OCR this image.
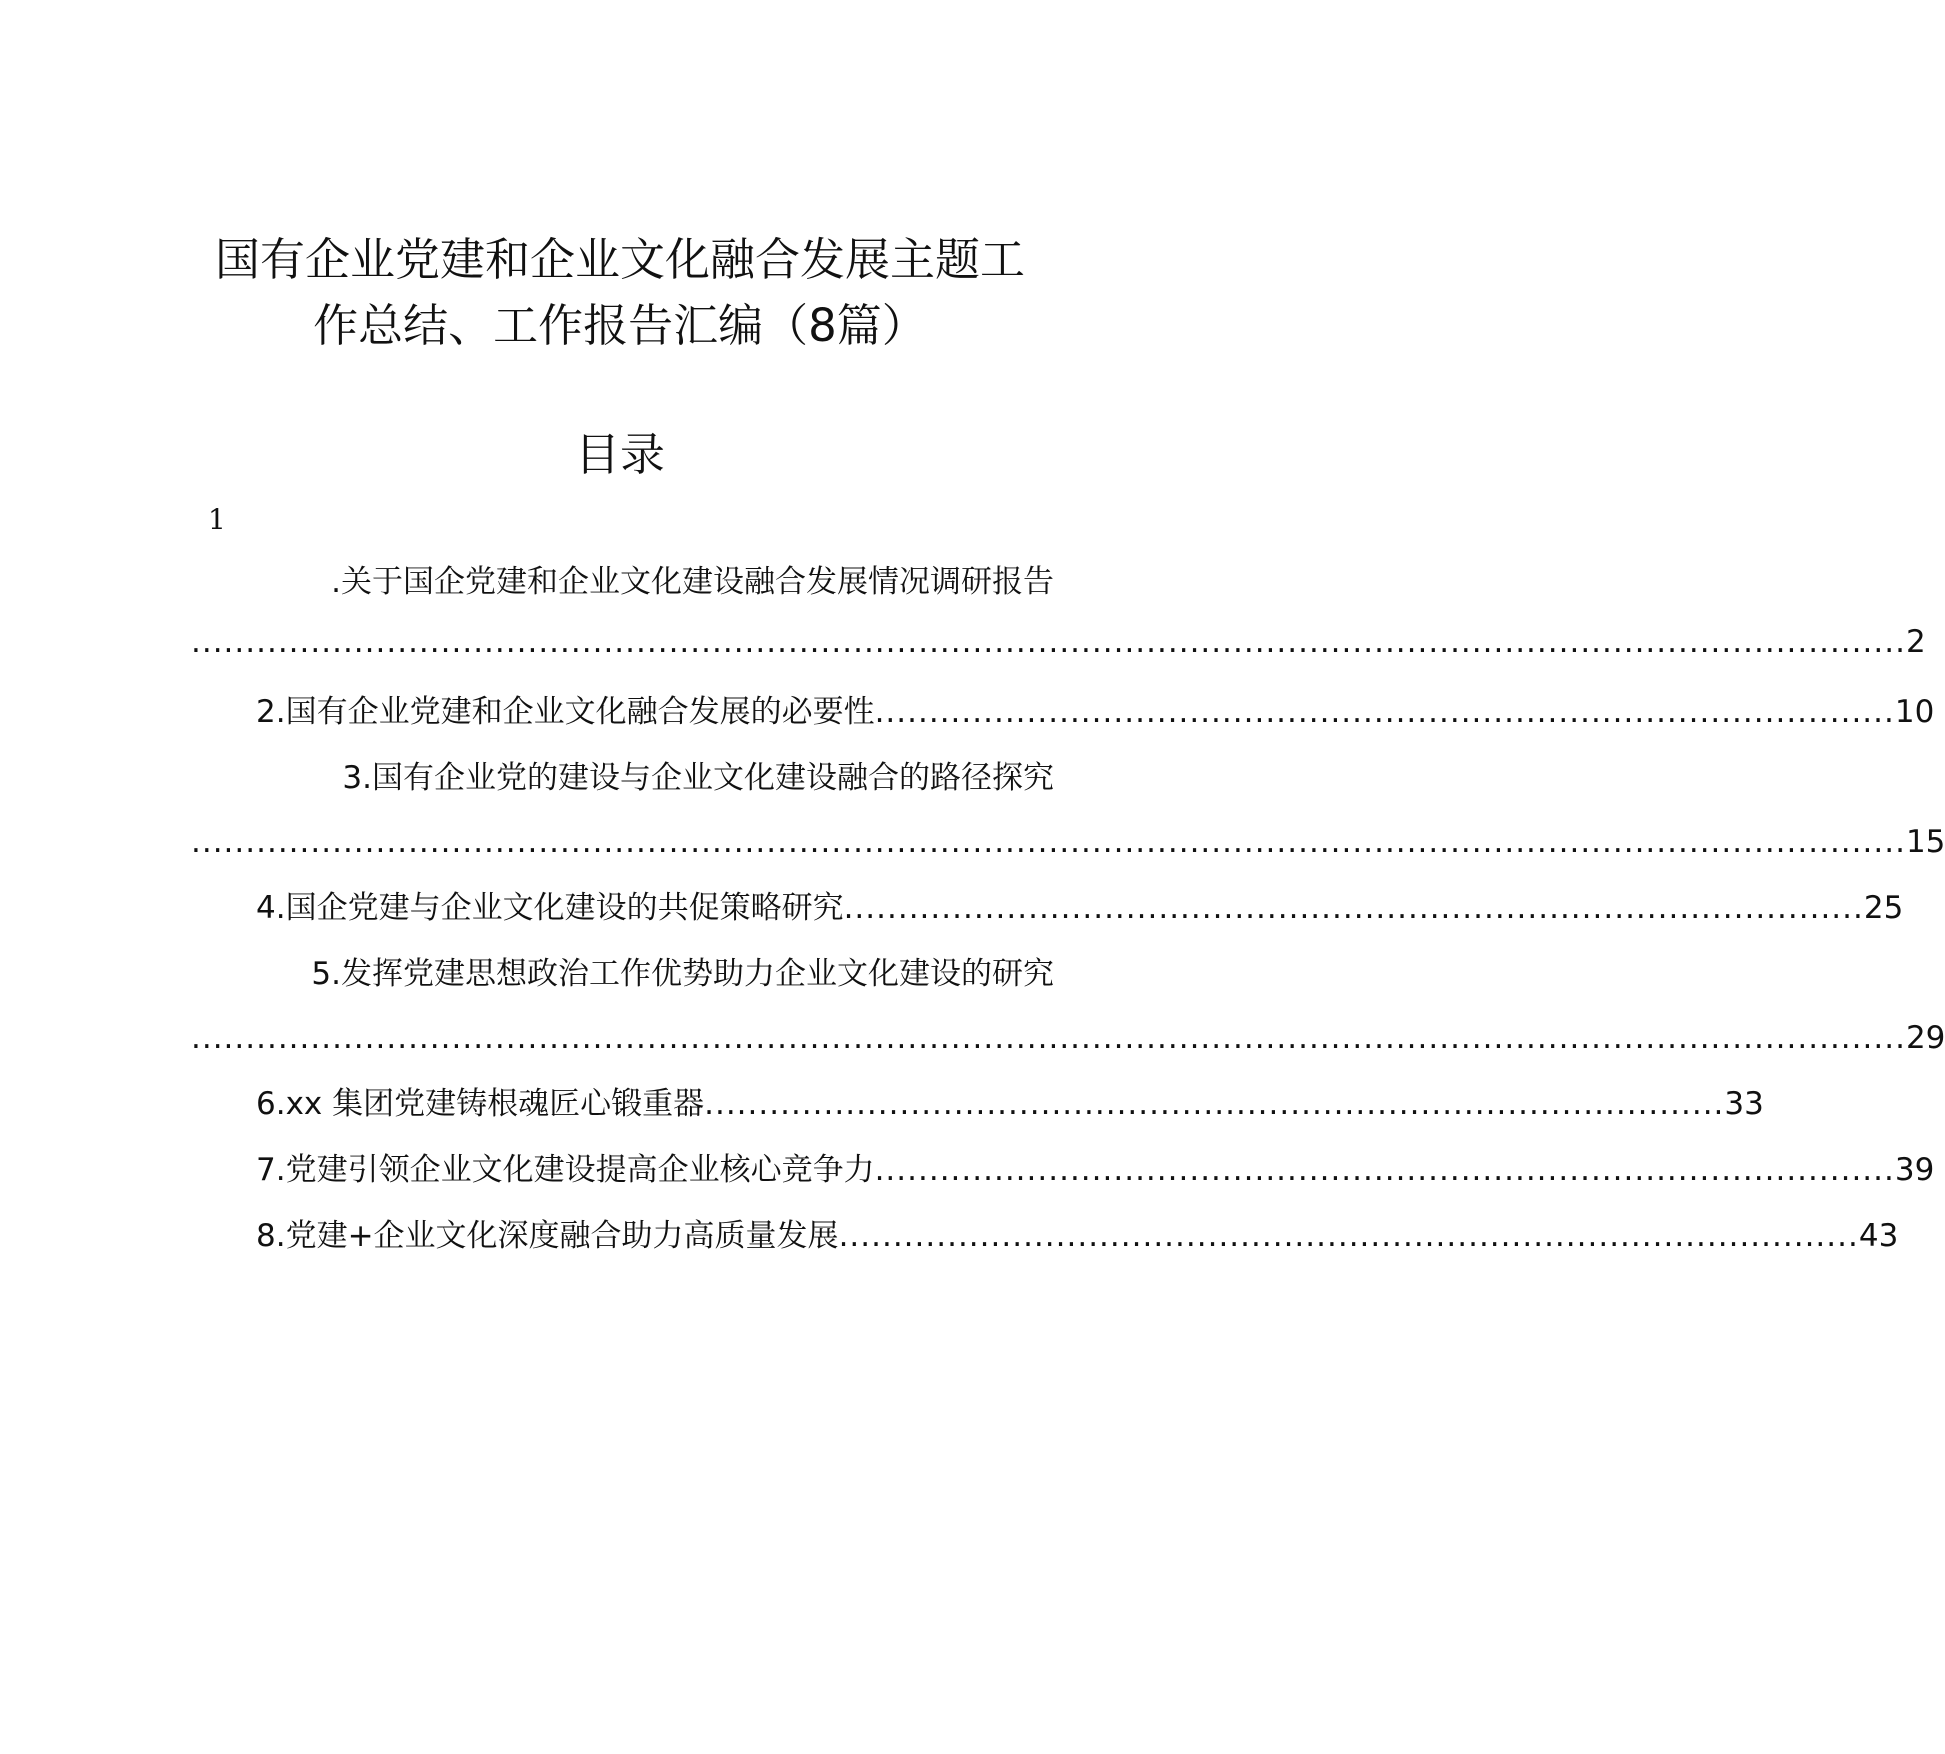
国有企业党建和企业文化融合发展主题工
作总结、工作报告汇编（8篇）
目录
1
.关于国企党建和企业文化建设融合发展情况调研报告
.............................................................................................................................................................. 2
2.国有企业党建和企业文化融合发展的必要性 .............................................................................................. 10
3.国有企业党的建设与企业文化建设融合的路径探究
.............................................................................................................................................................. 15
4.国企党建与企业文化建设的共促策略研究 .............................................................................................. 25
5.发挥党建思想政治工作优势助力企业文化建设的研究
.............................................................................................................................................................. 29
6.xx 集团党建铸根魂匠心锻重器 .............................................................................................. 33
7.党建引领企业文化建设提高企业核心竞争力 .............................................................................................. 39
8.党建+企业文化深度融合助力高质量发展 .............................................................................................. 43
